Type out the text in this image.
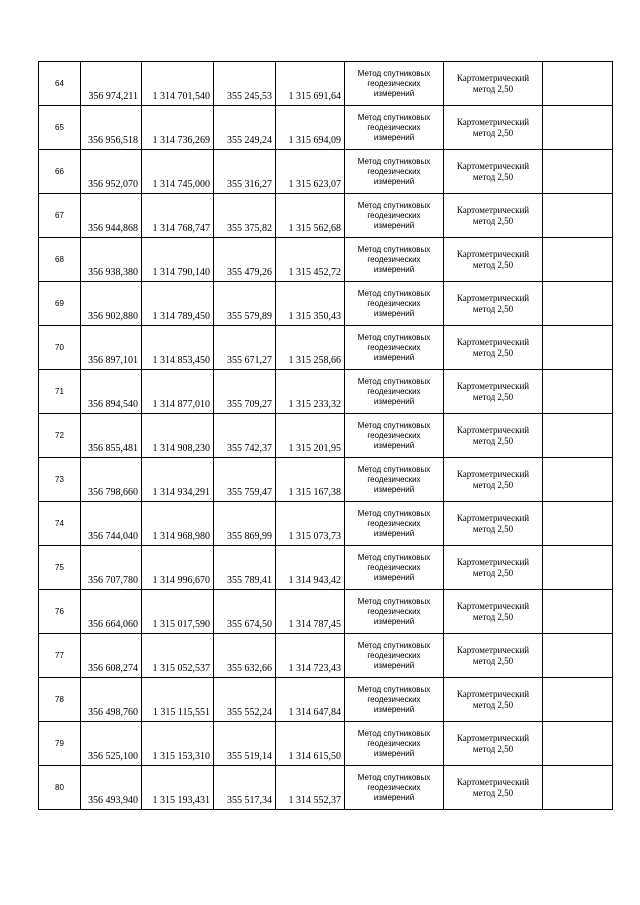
64	356 974,211	1 314 701,540	355 245,53	1 315 691,64	Метод спутниковых геодезических измерений	Картометрический метод 2,50	

65	356 956,518	1 314 736,269	355 249,24	1 315 694,09	Метод спутниковых геодезических измерений	Картометрический метод 2,50	

66	356 952,070	1 314 745,000	355 316,27	1 315 623,07	Метод спутниковых геодезических измерений	Картометрический метод 2,50	

67	356 944,868	1 314 768,747	355 375,82	1 315 562,68	Метод спутниковых геодезических измерений	Картометрический метод 2,50	

68	356 938,380	1 314 790,140	355 479,26	1 315 452,72	Метод спутниковых геодезических измерений	Картометрический метод 2,50	

69	356 902,880	1 314 789,450	355 579,89	1 315 350,43	Метод спутниковых геодезических измерений	Картометрический метод 2,50	

70	356 897,101	1 314 853,450	355 671,27	1 315 258,66	Метод спутниковых геодезических измерений	Картометрический метод 2,50	

71	356 894,540	1 314 877,010	355 709,27	1 315 233,32	Метод спутниковых геодезических измерений	Картометрический метод 2,50	

72	356 855,481	1 314 908,230	355 742,37	1 315 201,95	Метод спутниковых геодезических измерений	Картометрический метод 2,50	

73	356 798,660	1 314 934,291	355 759,47	1 315 167,38	Метод спутниковых геодезических измерений	Картометрический метод 2,50	

74	356 744,040	1 314 968,980	355 869,99	1 315 073,73	Метод спутниковых геодезических измерений	Картометрический метод 2,50	

75	356 707,780	1 314 996,670	355 789,41	1 314 943,42	Метод спутниковых геодезических измерений	Картометрический метод 2,50	

76	356 664,060	1 315 017,590	355 674,50	1 314 787,45	Метод спутниковых геодезических измерений	Картометрический метод 2,50	

77	356 608,274	1 315 052,537	355 632,66	1 314 723,43	Метод спутниковых геодезических измерений	Картометрический метод 2,50	

78	356 498,760	1 315 115,551	355 552,24	1 314 647,84	Метод спутниковых геодезических измерений	Картометрический метод 2,50	

79	356 525,100	1 315 153,310	355 519,14	1 314 615,50	Метод спутниковых геодезических измерений	Картометрический метод 2,50	

80	356 493,940	1 315 193,431	355 517,34	1 314 552,37	Метод спутниковых геодезических измерений	Картометрический метод 2,50	
